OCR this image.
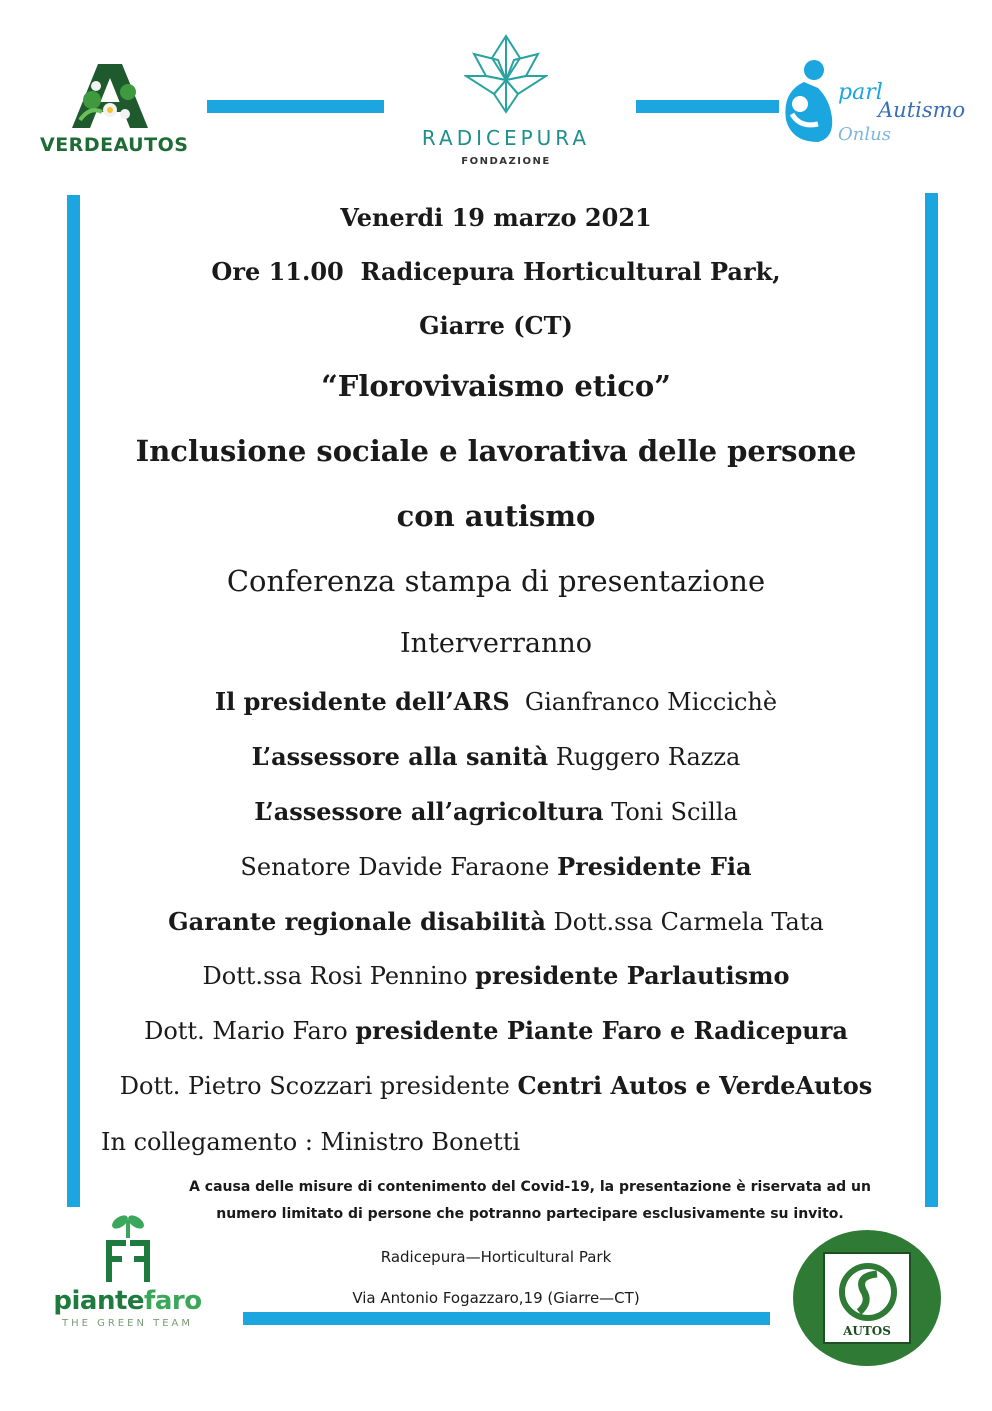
VERDEAUTOS	RADICEPURA
FONDAZIONE
parl
Autismo
Onlus
Venerdi 19 marzo 2021
Ore 11.00  Radicepura Horticultural Park,
Giarre (CT)
“Florovivaismo etico”
Inclusione sociale e lavorativa delle persone
con autismo
Conferenza stampa di presentazione
Interverranno
Il presidente dell’ARS  Gianfranco Miccichè
L’assessore alla sanità Ruggero Razza
L’assessore all’agricoltura Toni Scilla
Senatore Davide Faraone Presidente Fia
Garante regionale disabilità Dott.ssa Carmela Tata
Dott.ssa Rosi Pennino presidente Parlautismo
Dott. Mario Faro presidente Piante Faro e Radicepura
Dott. Pietro Scozzari presidente Centri Autos e VerdeAutos
In collegamento : Ministro Bonetti
A causa delle misure di contenimento del Covid-19, la presentazione è riservata ad un
numero limitato di persone che potranno partecipare esclusivamente su invito.
Radicepura—Horticultural Park
Via Antonio Fogazzaro,19 (Giarre—CT)
piantefaro
THE GREEN TEAM
AUTOS
